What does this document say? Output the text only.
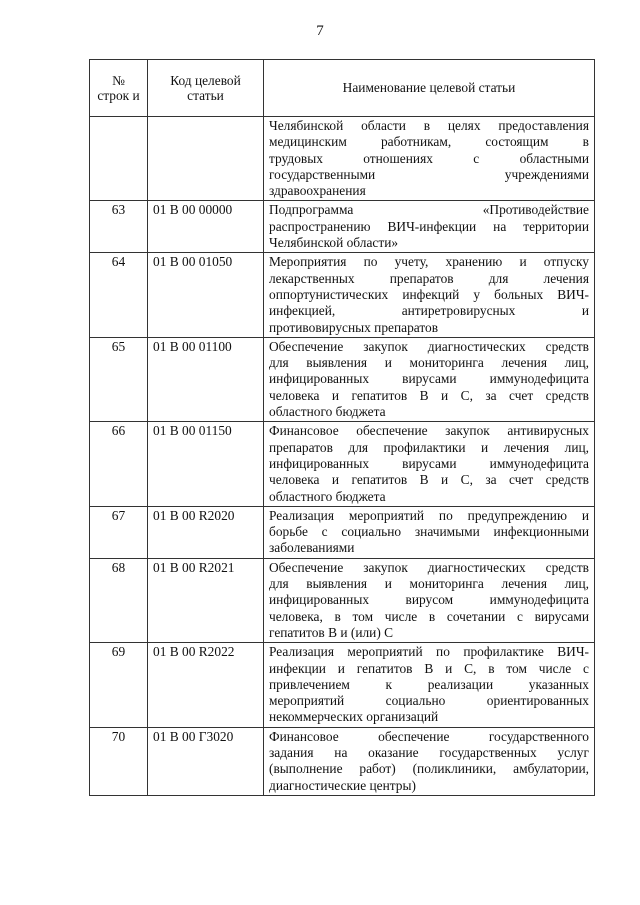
7
№ строк и	Код целевой статьи	Наименование целевой статьи

		Челябинской области в целях предоставления
медицинским работникам, состоящим в
трудовых отношениях с областными
государственными учреждениями
здравоохранения

63	01 В 00 00000	Подпрограмма «Противодействие
распространению ВИЧ-инфекции на территории
Челябинской области»

64	01 В 00 01050	Мероприятия по учету, хранению и отпуску
лекарственных препаратов для лечения
оппортунистических инфекций у больных ВИЧ-
инфекцией, антиретровирусных и
противовирусных препаратов

65	01 В 00 01100	Обеспечение закупок диагностических средств
для выявления и мониторинга лечения лиц,
инфицированных вирусами иммунодефицита
человека и гепатитов В и С, за счет средств
областного бюджета

66	01 В 00 01150	Финансовое обеспечение закупок антивирусных
препаратов для профилактики и лечения лиц,
инфицированных вирусами иммунодефицита
человека и гепатитов В и С, за счет средств
областного бюджета

67	01 В 00 R2020	Реализация мероприятий по предупреждению и
борьбе с социально значимыми инфекционными
заболеваниями

68	01 В 00 R2021	Обеспечение закупок диагностических средств
для выявления и мониторинга лечения лиц,
инфицированных вирусом иммунодефицита
человека, в том числе в сочетании с вирусами
гепатитов В и (или) С

69	01 В 00 R2022	Реализация мероприятий по профилактике ВИЧ-
инфекции и гепатитов В и С, в том числе с
привлечением к реализации указанных
мероприятий социально ориентированных
некоммерческих организаций

70	01 В 00 Г3020	Финансовое обеспечение государственного
задания на оказание государственных услуг
(выполнение работ) (поликлиники, амбулатории,
диагностические центры)
